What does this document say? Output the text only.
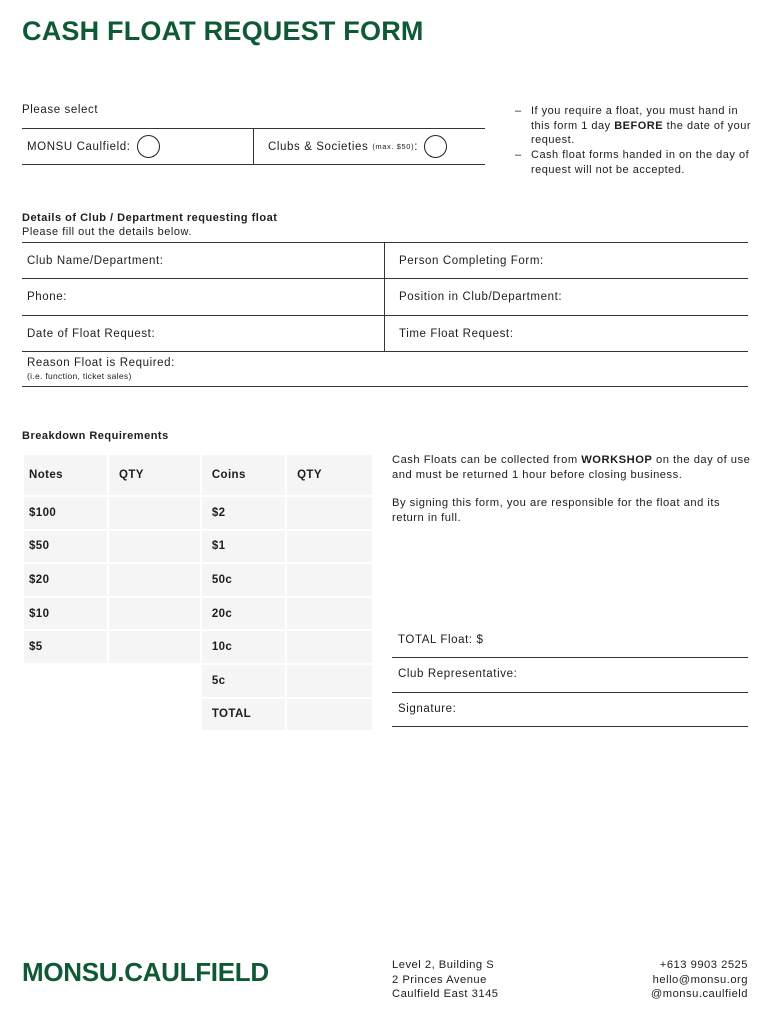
CASH FLOAT REQUEST FORM
Please select
MONSU Caulfield:	Clubs & Societies (max. $50) :
– If you require a float, you must hand in this form 1 day BEFORE the date of your request.
– Cash float forms handed in on the day of request will not be accepted.
Details of Club / Department requesting float
Please fill out the details below.
Club Name/Department:	Person Completing Form:
Phone:	Position in Club/Department:
Date of Float Request:	Time Float Request:
Reason Float is Required:
(i.e. function, ticket sales)
Breakdown Requirements
Notes	QTY	Coins	QTY
$100		$2	
$50		$1	
$20		50c	
$10		20c	
$5		10c	
		5c	
		TOTAL	

Cash Floats can be collected from WORKSHOP on the day of use and must be returned 1 hour before closing business.

By signing this form, you are responsible for the float and its return in full.

TOTAL Float: $
Club Representative:
Signature:
MONSU.CAULFIELD	Level 2, Building S
2 Princes Avenue
Caulfield East 3145
+613 9903 2525
hello@monsu.org
@monsu.caulfield
